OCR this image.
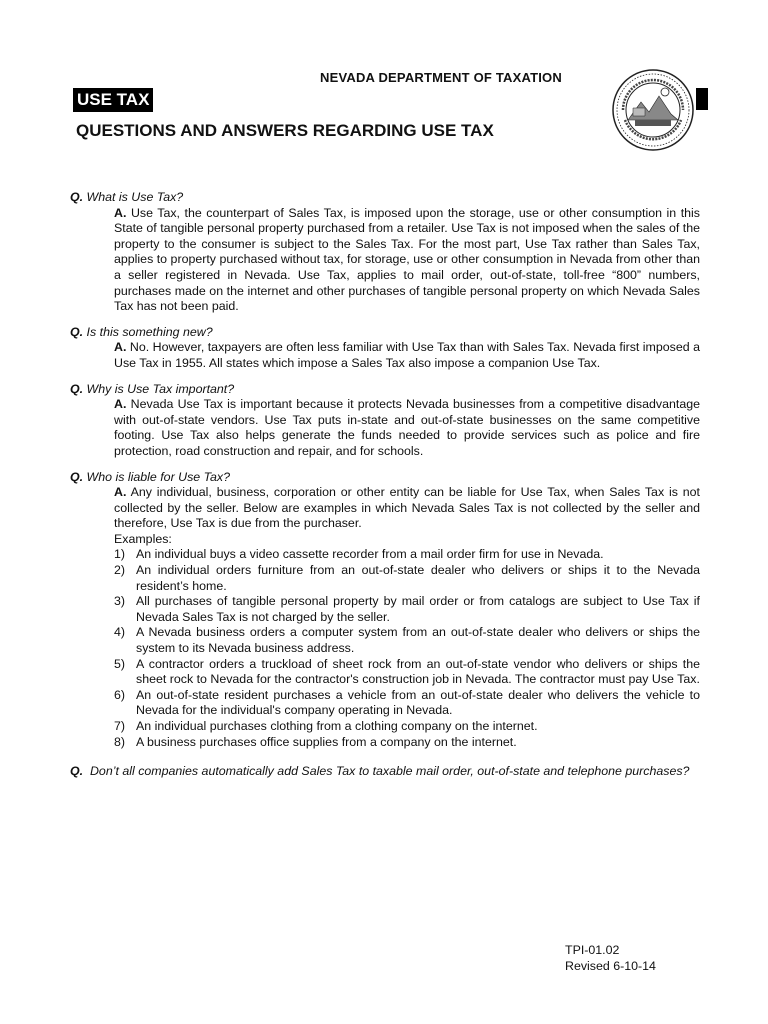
NEVADA DEPARTMENT OF TAXATION
USE TAX
QUESTIONS AND ANSWERS REGARDING USE TAX
Q. What is Use Tax?
A. Use Tax, the counterpart of Sales Tax, is imposed upon the storage, use or other consumption in this State of tangible personal property purchased from a retailer. Use Tax is not imposed when the sales of the property to the consumer is subject to the Sales Tax. For the most part, Use Tax rather than Sales Tax, applies to property purchased without tax, for storage, use or other consumption in Nevada from other than a seller registered in Nevada. Use Tax, applies to mail order, out-of-state, toll-free “800” numbers, purchases made on the internet and other purchases of tangible personal property on which Nevada Sales Tax has not been paid.
Q. Is this something new?
A. No. However, taxpayers are often less familiar with Use Tax than with Sales Tax. Nevada first imposed a Use Tax in 1955. All states which impose a Sales Tax also impose a companion Use Tax.
Q. Why is Use Tax important?
A. Nevada Use Tax is important because it protects Nevada businesses from a competitive disadvantage with out-of-state vendors. Use Tax puts in-state and out-of-state businesses on the same competitive footing. Use Tax also helps generate the funds needed to provide services such as police and fire protection, road construction and repair, and for schools.
Q. Who is liable for Use Tax?
A. Any individual, business, corporation or other entity can be liable for Use Tax, when Sales Tax is not collected by the seller. Below are examples in which Nevada Sales Tax is not collected by the seller and therefore, Use Tax is due from the purchaser.
Examples:
1) An individual buys a video cassette recorder from a mail order firm for use in Nevada.
2) An individual orders furniture from an out-of-state dealer who delivers or ships it to the Nevada resident’s home.
3) All purchases of tangible personal property by mail order or from catalogs are subject to Use Tax if Nevada Sales Tax is not charged by the seller.
4) A Nevada business orders a computer system from an out-of-state dealer who delivers or ships the system to its Nevada business address.
5) A contractor orders a truckload of sheet rock from an out-of-state vendor who delivers or ships the sheet rock to Nevada for the contractor's construction job in Nevada. The contractor must pay Use Tax.
6) An out-of-state resident purchases a vehicle from an out-of-state dealer who delivers the vehicle to Nevada for the individual's company operating in Nevada.
7) An individual purchases clothing from a clothing company on the internet.
8) A business purchases office supplies from a company on the internet.
Q. Don’t all companies automatically add Sales Tax to taxable mail order, out-of-state and telephone purchases?
TPI-01.02
Revised 6-10-14
